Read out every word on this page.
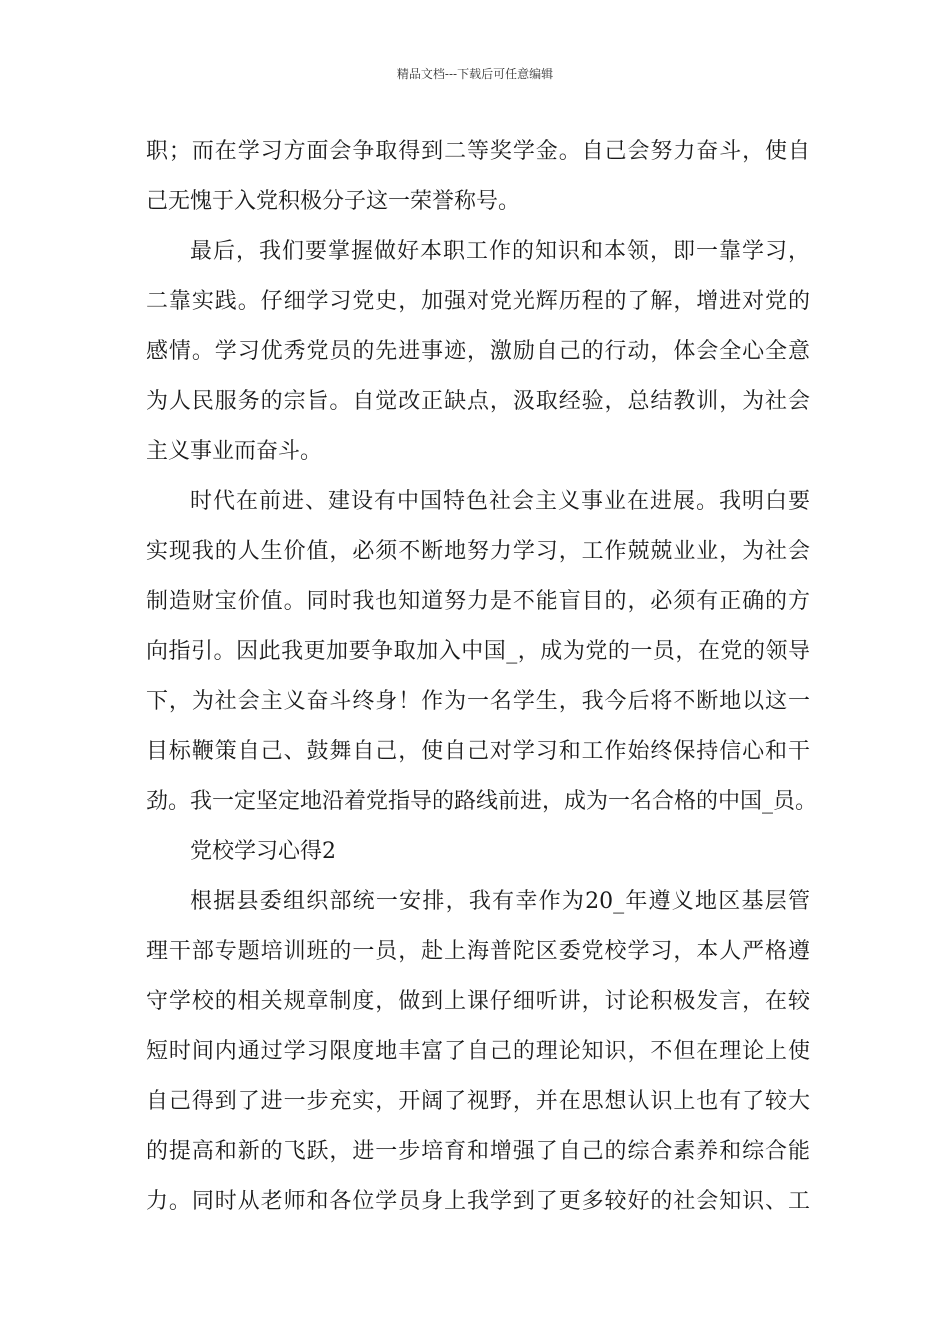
精品文档---下载后可任意编辑
职；而在学习方面会争取得到二等奖学金。自己会努力奋斗，使自
己无愧于入党积极分子这一荣誉称号。
最后，我们要掌握做好本职工作的知识和本领，即一靠学习，
二靠实践。仔细学习党史，加强对党光辉历程的了解，增进对党的
感情。学习优秀党员的先进事迹，激励自己的行动，体会全心全意
为人民服务的宗旨。自觉改正缺点，汲取经验，总结教训，为社会
主义事业而奋斗。
时代在前进、建设有中国特色社会主义事业在进展。我明白要
实现我的人生价值，必须不断地努力学习，工作兢兢业业，为社会
制造财宝价值。同时我也知道努力是不能盲目的，必须有正确的方
向指引。因此我更加要争取加入中国_，成为党的一员，在党的领导
下，为社会主义奋斗终身！作为一名学生，我今后将不断地以这一
目标鞭策自己、鼓舞自己，使自己对学习和工作始终保持信心和干
劲。我一定坚定地沿着党指导的路线前进，成为一名合格的中国_员。
党校学习心得2
根据县委组织部统一安排，我有幸作为20_年遵义地区基层管
理干部专题培训班的一员，赴上海普陀区委党校学习，本人严格遵
守学校的相关规章制度，做到上课仔细听讲，讨论积极发言，在较
短时间内通过学习限度地丰富了自己的理论知识，不但在理论上使
自己得到了进一步充实，开阔了视野，并在思想认识上也有了较大
的提高和新的飞跃，进一步培育和增强了自己的综合素养和综合能
力。同时从老师和各位学员身上我学到了更多较好的社会知识、工
